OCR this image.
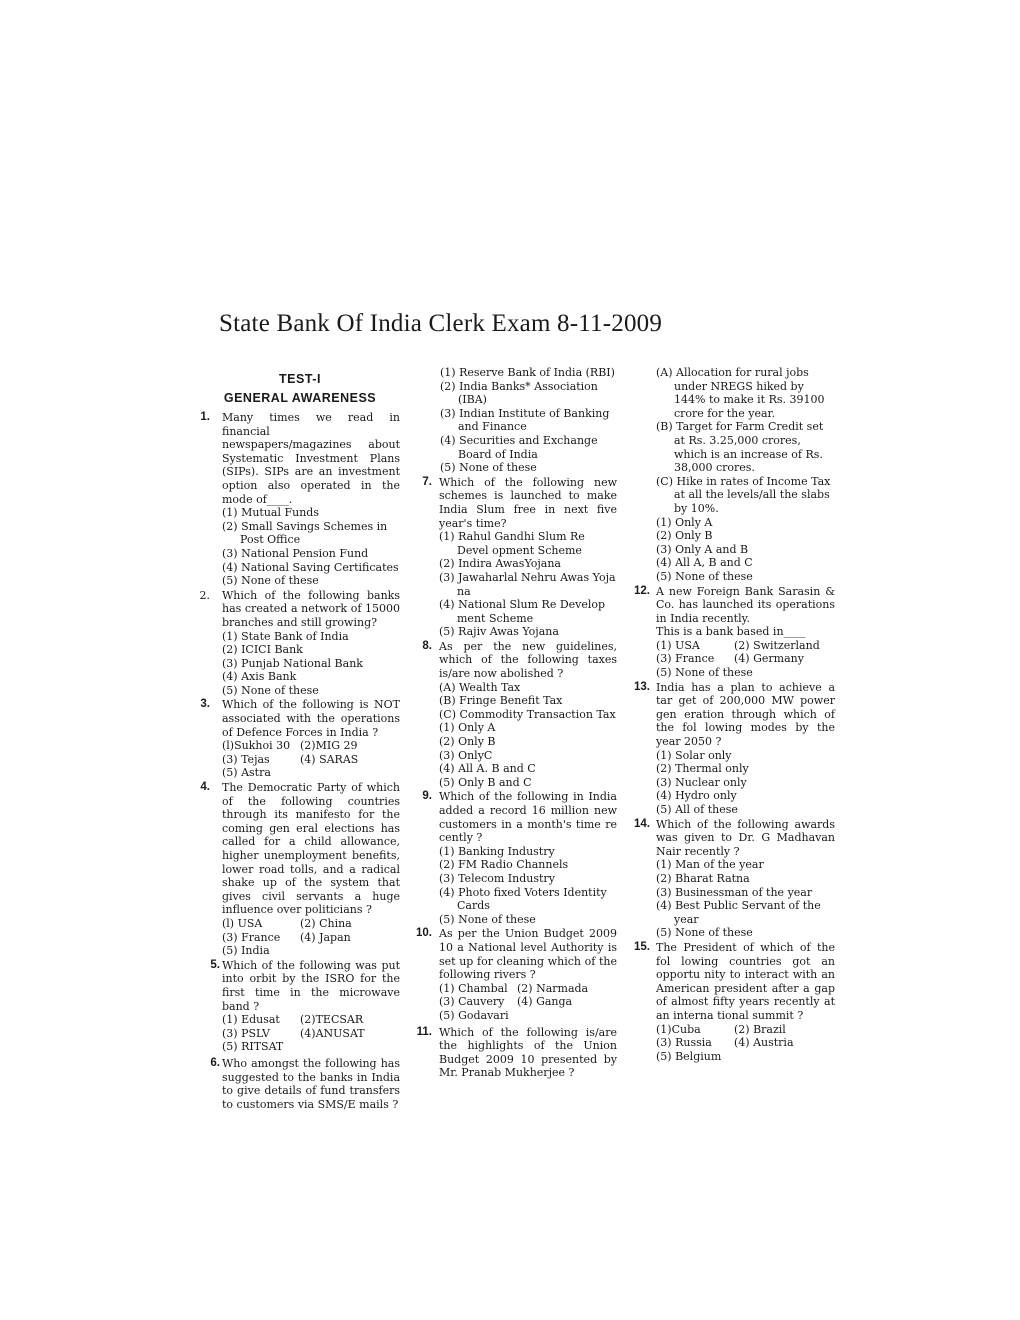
State Bank Of India Clerk Exam 8-11-2009
TEST-I
GENERAL AWARENESS
1. Many times we read in financial newspapers/magazines about Systematic Investment Plans (SIPs). SIPs are an investment option also operated in the mode of____.
(1) Mutual Funds
(2) Small Savings Schemes in Post Office
(3) National Pension Fund
(4) National Saving Certificates
(5) None of these
2. Which of the following banks has created a network of 15000 branches and still growing?
(1) State Bank of India
(2) ICICI Bank
(3) Punjab National Bank
(4) Axis Bank
(5) None of these
3. Which of the following is NOT associated with the operations of Defence Forces in India ?
(l)Sukhoi 30 (2)MIG 29
(3) Tejas	(4) SARAS
(5) Astra
4. The Democratic Party of which of the following countries through its manifesto for the coming gen eral elections has called for a child allowance, higher unemployment benefits, lower road tolls, and a radical shake up of the system that gives civil servants a huge influence over politicians ?
(l) USA	(2) China
(3) France	(4) Japan
(5) India
5. Which of the following was put into orbit by the ISRO for the first time in the microwave band ?
(1) Edusat	(2)TECSAR
(3) PSLV	(4)ANUSAT
(5) RITSAT
6. Who amongst the following has suggested to the banks in India to give details of fund transfers to customers via SMS/E mails ?
(1) Reserve Bank of India (RBI)
(2) India Banks* Association (IBA)
(3) Indian Institute of Banking and Finance
(4) Securities and Exchange Board of India
(5) None of these
7. Which of the following new schemes is launched to make India Slum free in next five year's time?
(1) Rahul Gandhi Slum Re Devel opment Scheme
(2) Indira AwasYojana
(3) Jawaharlal Nehru Awas Yoja na
(4) National Slum Re Develop ment Scheme
(5) Rajiv Awas Yojana
8. As per the new guidelines, which of the following taxes is/are now abolished ?
(A) Wealth Tax
(B) Fringe Benefit Tax
(C) Commodity Transaction Tax
(1) Only A
(2) Only B
(3) OnlyC
(4) All A. B and C
(5) Only B and C
9. Which of the following in India added a record 16 million new customers in a month's time re cently ?
(1) Banking Industry
(2) FM Radio Channels
(3) Telecom Industry
(4) Photo fixed Voters Identity Cards
(5) None of these
10. As per the Union Budget 2009 10 a National level Authority is set up for cleaning which of the following rivers ?
(1) Chambal (2) Narmada
(3) Cauvery	(4) Ganga
(5) Godavari
11. Which of the following is/are the highlights of the Union Budget 2009 10 presented by Mr. Pranab Mukherjee ?
(A) Allocation for rural jobs under NREGS hiked by 144% to make it Rs. 39100 crore for the year.
(B) Target for Farm Credit set at Rs. 3.25,000 crores, which is an increase of Rs. 38,000 crores.
(C) Hike in rates of Income Tax at all the levels/all the slabs by 10%.
(1) Only A
(2) Only B
(3) Only A and B
(4) All A, B and C
(5) None of these
12. A new Foreign Bank Sarasin & Co. has launched its operations in India recently.
This is a bank based in____
(1) USA	(2) Switzerland
(3) France	(4) Germany
(5) None of these
13. India has a plan to achieve a tar get of 200,000 MW power gen eration through which of the fol lowing modes by the year 2050 ?
(1) Solar only
(2) Thermal only
(3) Nuclear only
(4) Hydro only
(5) All of these
14. Which of the following awards was given to Dr. G Madhavan Nair recently ?
(1) Man of the year
(2) Bharat Ratna
(3) Businessman of the year
(4) Best Public Servant of the year
(5) None of these
15. The President of which of the fol lowing countries got an opportu nity to interact with an American president after a gap of almost fifty years recently at an interna tional summit ?
(1)Cuba	(2) Brazil
(3) Russia	(4) Austria
(5) Belgium
